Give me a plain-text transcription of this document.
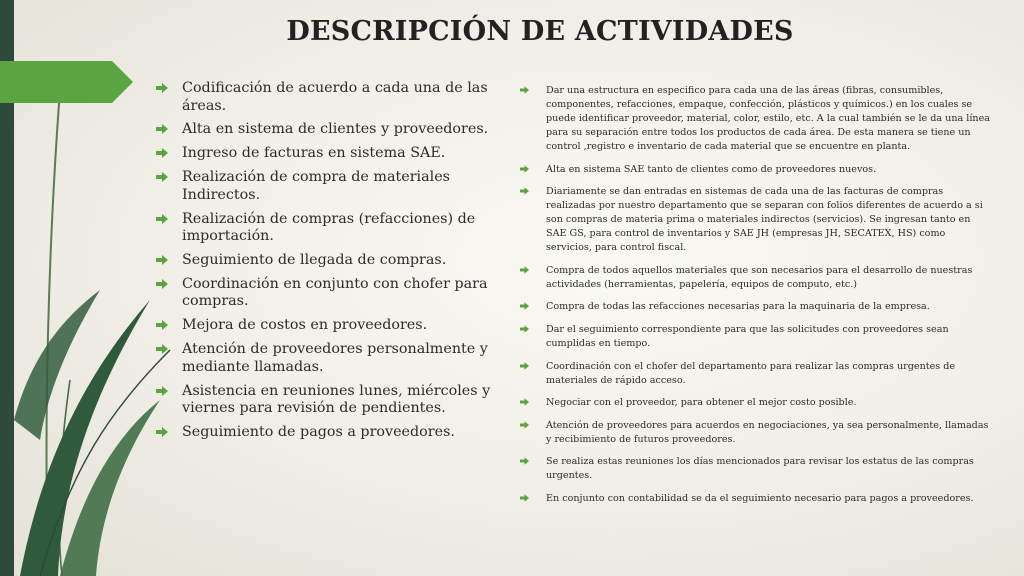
DESCRIPCIÓN DE ACTIVIDADES
Codificación de acuerdo a cada una de las áreas.
Alta en sistema de clientes y proveedores.
Ingreso de facturas en sistema SAE.
Realización de compra de materiales Indirectos.
Realización de compras (refacciones) de importación.
Seguimiento de llegada de compras.
Coordinación en conjunto con chofer para compras.
Mejora de costos en proveedores.
Atención de proveedores personalmente y mediante llamadas.
Asistencia en reuniones lunes, miércoles y viernes para revisión de pendientes.
Seguimiento de pagos a proveedores.
Dar una estructura en especifico para cada una de las áreas (fibras, consumibles, componentes, refacciones, empaque, confección, plásticos y químicos.) en los cuales se puede identificar proveedor, material, color, estilo, etc. A la cual también se le da una línea para su separación entre todos los productos de cada área. De esta manera se tiene un control ,registro e inventario de cada material que se encuentre en planta.
Alta en sistema SAE tanto de clientes como de proveedores nuevos.
Diariamente se dan entradas en sistemas de cada una de las facturas de compras realizadas por nuestro departamento que se separan con folios diferentes de acuerdo a si son compras de materia prima o materiales indirectos (servicios). Se ingresan tanto en SAE GS, para control de inventarios y SAE JH (empresas JH, SECATEX, HS) como servicios, para control fiscal.
Compra de todos aquellos materiales que son necesarios para el desarrollo de nuestras actividades (herramientas, papelería, equipos de computo, etc.)
Compra de todas las refacciones necesarias para la maquinaria de la empresa.
Dar el seguimiento correspondiente para que las solicitudes con proveedores sean cumplidas en tiempo.
Coordinación con el chofer del departamento para realizar las compras urgentes de materiales de rápido acceso.
Negociar con el proveedor, para obtener el mejor costo posible.
Atención de proveedores para acuerdos en negociaciones, ya sea personalmente, llamadas y recibimiento de futuros proveedores.
Se realiza estas reuniones los días mencionados para revisar los estatus de las compras urgentes.
En conjunto con contabilidad se da el seguimiento necesario para pagos a proveedores.
